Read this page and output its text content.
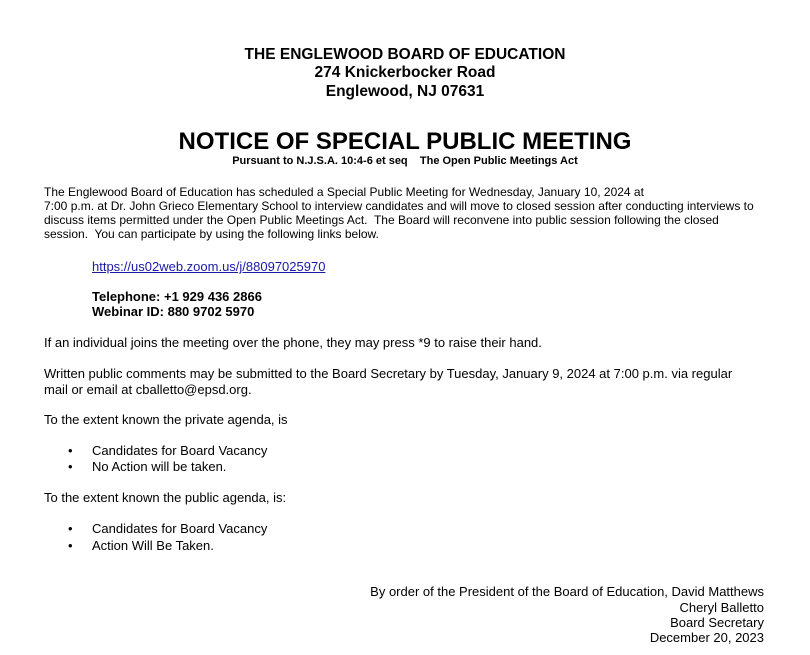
THE ENGLEWOOD BOARD OF EDUCATION
274 Knickerbocker Road
Englewood, NJ 07631
NOTICE OF SPECIAL PUBLIC MEETING
Pursuant to N.J.S.A. 10:4-6 et seq    The Open Public Meetings Act
The Englewood Board of Education has scheduled a Special Public Meeting for Wednesday, January 10, 2024 at
7:00 p.m. at Dr. John Grieco Elementary School to interview candidates and will move to closed session after conducting interviews to
discuss items permitted under the Open Public Meetings Act.  The Board will reconvene into public session following the closed
session.  You can participate by using the following links below.
https://us02web.zoom.us/j/88097025970
Telephone: +1 929 436 2866
Webinar ID: 880 9702 5970
If an individual joins the meeting over the phone, they may press *9 to raise their hand.
Written public comments may be submitted to the Board Secretary by Tuesday, January 9, 2024 at 7:00 p.m. via regular
mail or email at cballetto@epsd.org.
To the extent known the private agenda, is
• Candidates for Board Vacancy
• No Action will be taken.
To the extent known the public agenda, is:
• Candidates for Board Vacancy
• Action Will Be Taken.
By order of the President of the Board of Education, David Matthews
Cheryl Balletto
Board Secretary
December 20, 2023
